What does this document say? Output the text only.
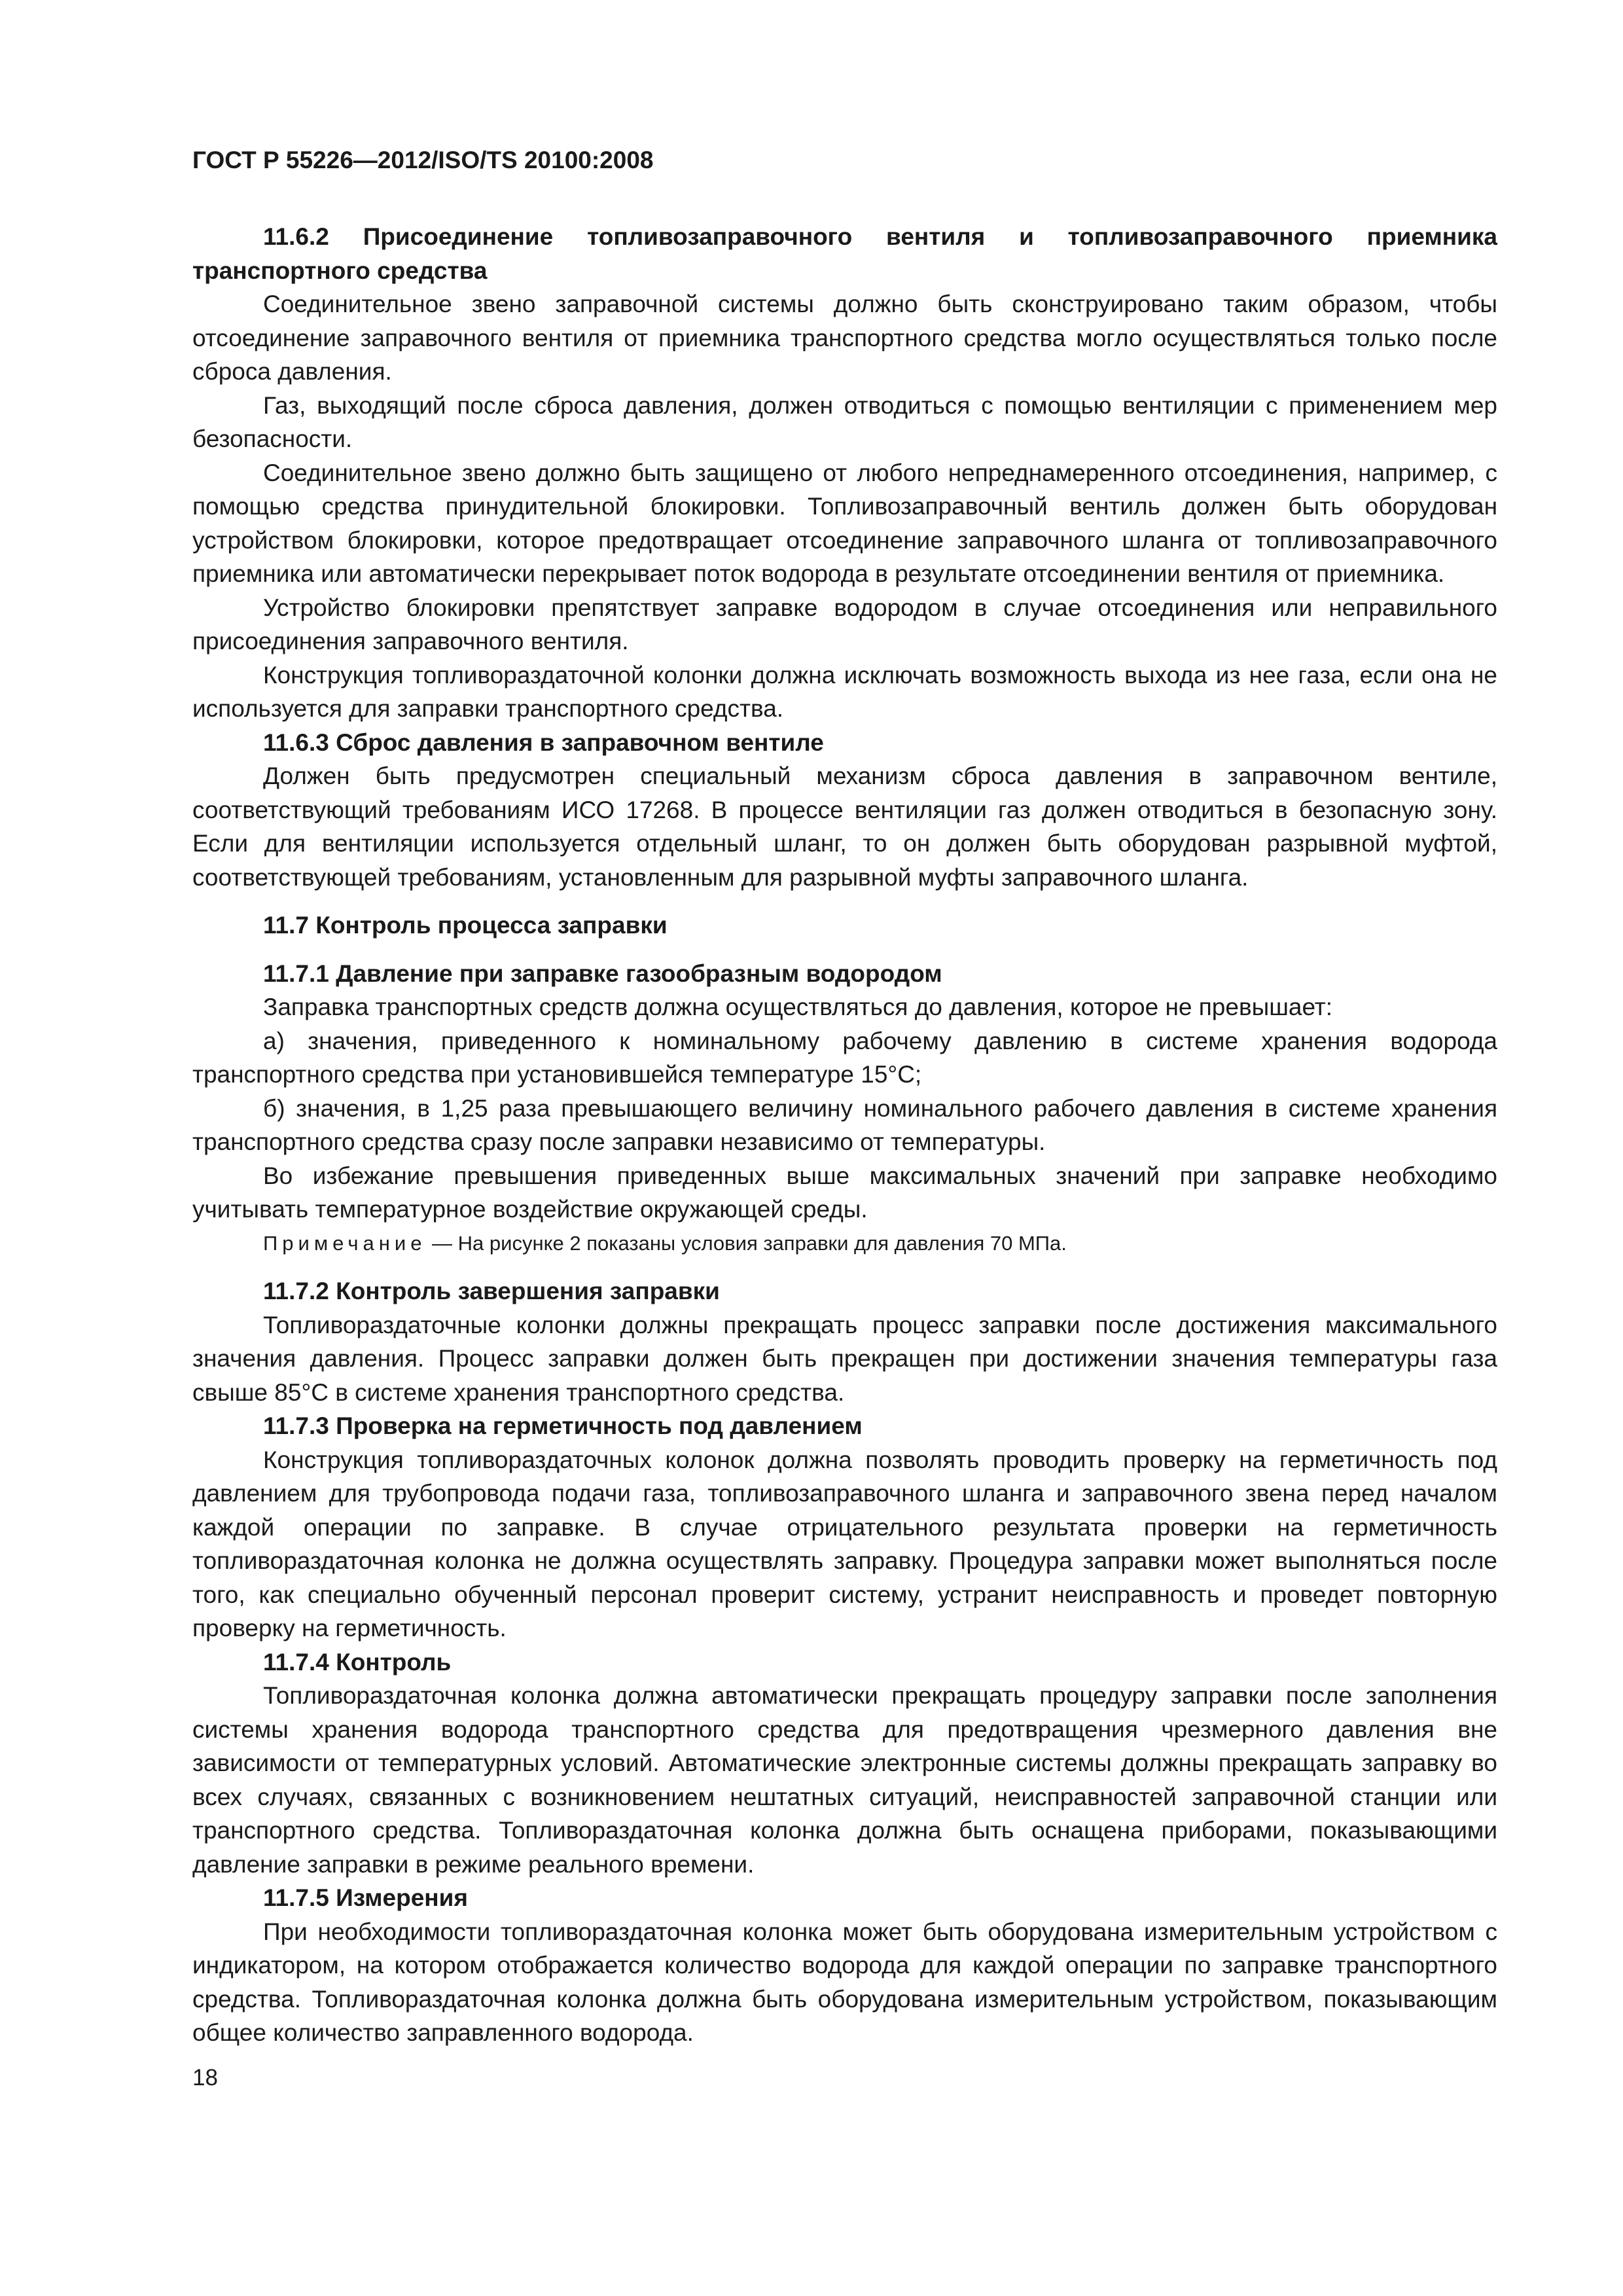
ГОСТ Р 55226—2012/ISO/TS 20100:2008

11.6.2 Присоединение топливозаправочного вентиля и топливозаправочного приемника транспортного средства

Соединительное звено заправочной системы должно быть сконструировано таким образом, чтобы отсоединение заправочного вентиля от приемника транспортного средства могло осуществляться только после сброса давления.

Газ, выходящий после сброса давления, должен отводиться с помощью вентиляции с применением мер безопасности.

Соединительное звено должно быть защищено от любого непреднамеренного отсоединения, например, с помощью средства принудительной блокировки. Топливозаправочный вентиль должен быть оборудован устройством блокировки, которое предотвращает отсоединение заправочного шланга от топливозаправочного приемника или автоматически перекрывает поток водорода в результате отсоединении вентиля от приемника.

Устройство блокировки препятствует заправке водородом в случае отсоединения или неправильного присоединения заправочного вентиля.

Конструкция топливораздаточной колонки должна исключать возможность выхода из нее газа, если она не используется для заправки транспортного средства.

11.6.3 Сброс давления в заправочном вентиле

Должен быть предусмотрен специальный механизм сброса давления в заправочном вентиле, соответствующий требованиям ИСО 17268. В процессе вентиляции газ должен отводиться в безопасную зону. Если для вентиляции используется отдельный шланг, то он должен быть оборудован разрывной муфтой, соответствующей требованиям, установленным для разрывной муфты заправочного шланга.

11.7 Контроль процесса заправки

11.7.1 Давление при заправке газообразным водородом

Заправка транспортных средств должна осуществляться до давления, которое не превышает:

а) значения, приведенного к номинальному рабочему давлению в системе хранения водорода транспортного средства при установившейся температуре 15°С;

б) значения, в 1,25 раза превышающего величину номинального рабочего давления в системе хранения транспортного средства сразу после заправки независимо от температуры.

Во избежание превышения приведенных выше максимальных значений при заправке необходимо учитывать температурное воздействие окружающей среды.

Примечание — На рисунке 2 показаны условия заправки для давления 70 МПа.

11.7.2 Контроль завершения заправки

Топливораздаточные колонки должны прекращать процесс заправки после достижения максимального значения давления. Процесс заправки должен быть прекращен при достижении значения температуры газа свыше 85°С в системе хранения транспортного средства.

11.7.3 Проверка на герметичность под давлением

Конструкция топливораздаточных колонок должна позволять проводить проверку на герметичность под давлением для трубопровода подачи газа, топливозаправочного шланга и заправочного звена перед началом каждой операции по заправке. В случае отрицательного результата проверки на герметичность топливораздаточная колонка не должна осуществлять заправку. Процедура заправки может выполняться после того, как специально обученный персонал проверит систему, устранит неисправность и проведет повторную проверку на герметичность.

11.7.4 Контроль

Топливораздаточная колонка должна автоматически прекращать процедуру заправки после заполнения системы хранения водорода транспортного средства для предотвращения чрезмерного давления вне зависимости от температурных условий. Автоматические электронные системы должны прекращать заправку во всех случаях, связанных с возникновением нештатных ситуаций, неисправностей заправочной станции или транспортного средства. Топливораздаточная колонка должна быть оснащена приборами, показывающими давление заправки в режиме реального времени.

11.7.5 Измерения

При необходимости топливораздаточная колонка может быть оборудована измерительным устройством с индикатором, на котором отображается количество водорода для каждой операции по заправке транспортного средства. Топливораздаточная колонка должна быть оборудована измерительным устройством, показывающим общее количество заправленного водорода.

18
